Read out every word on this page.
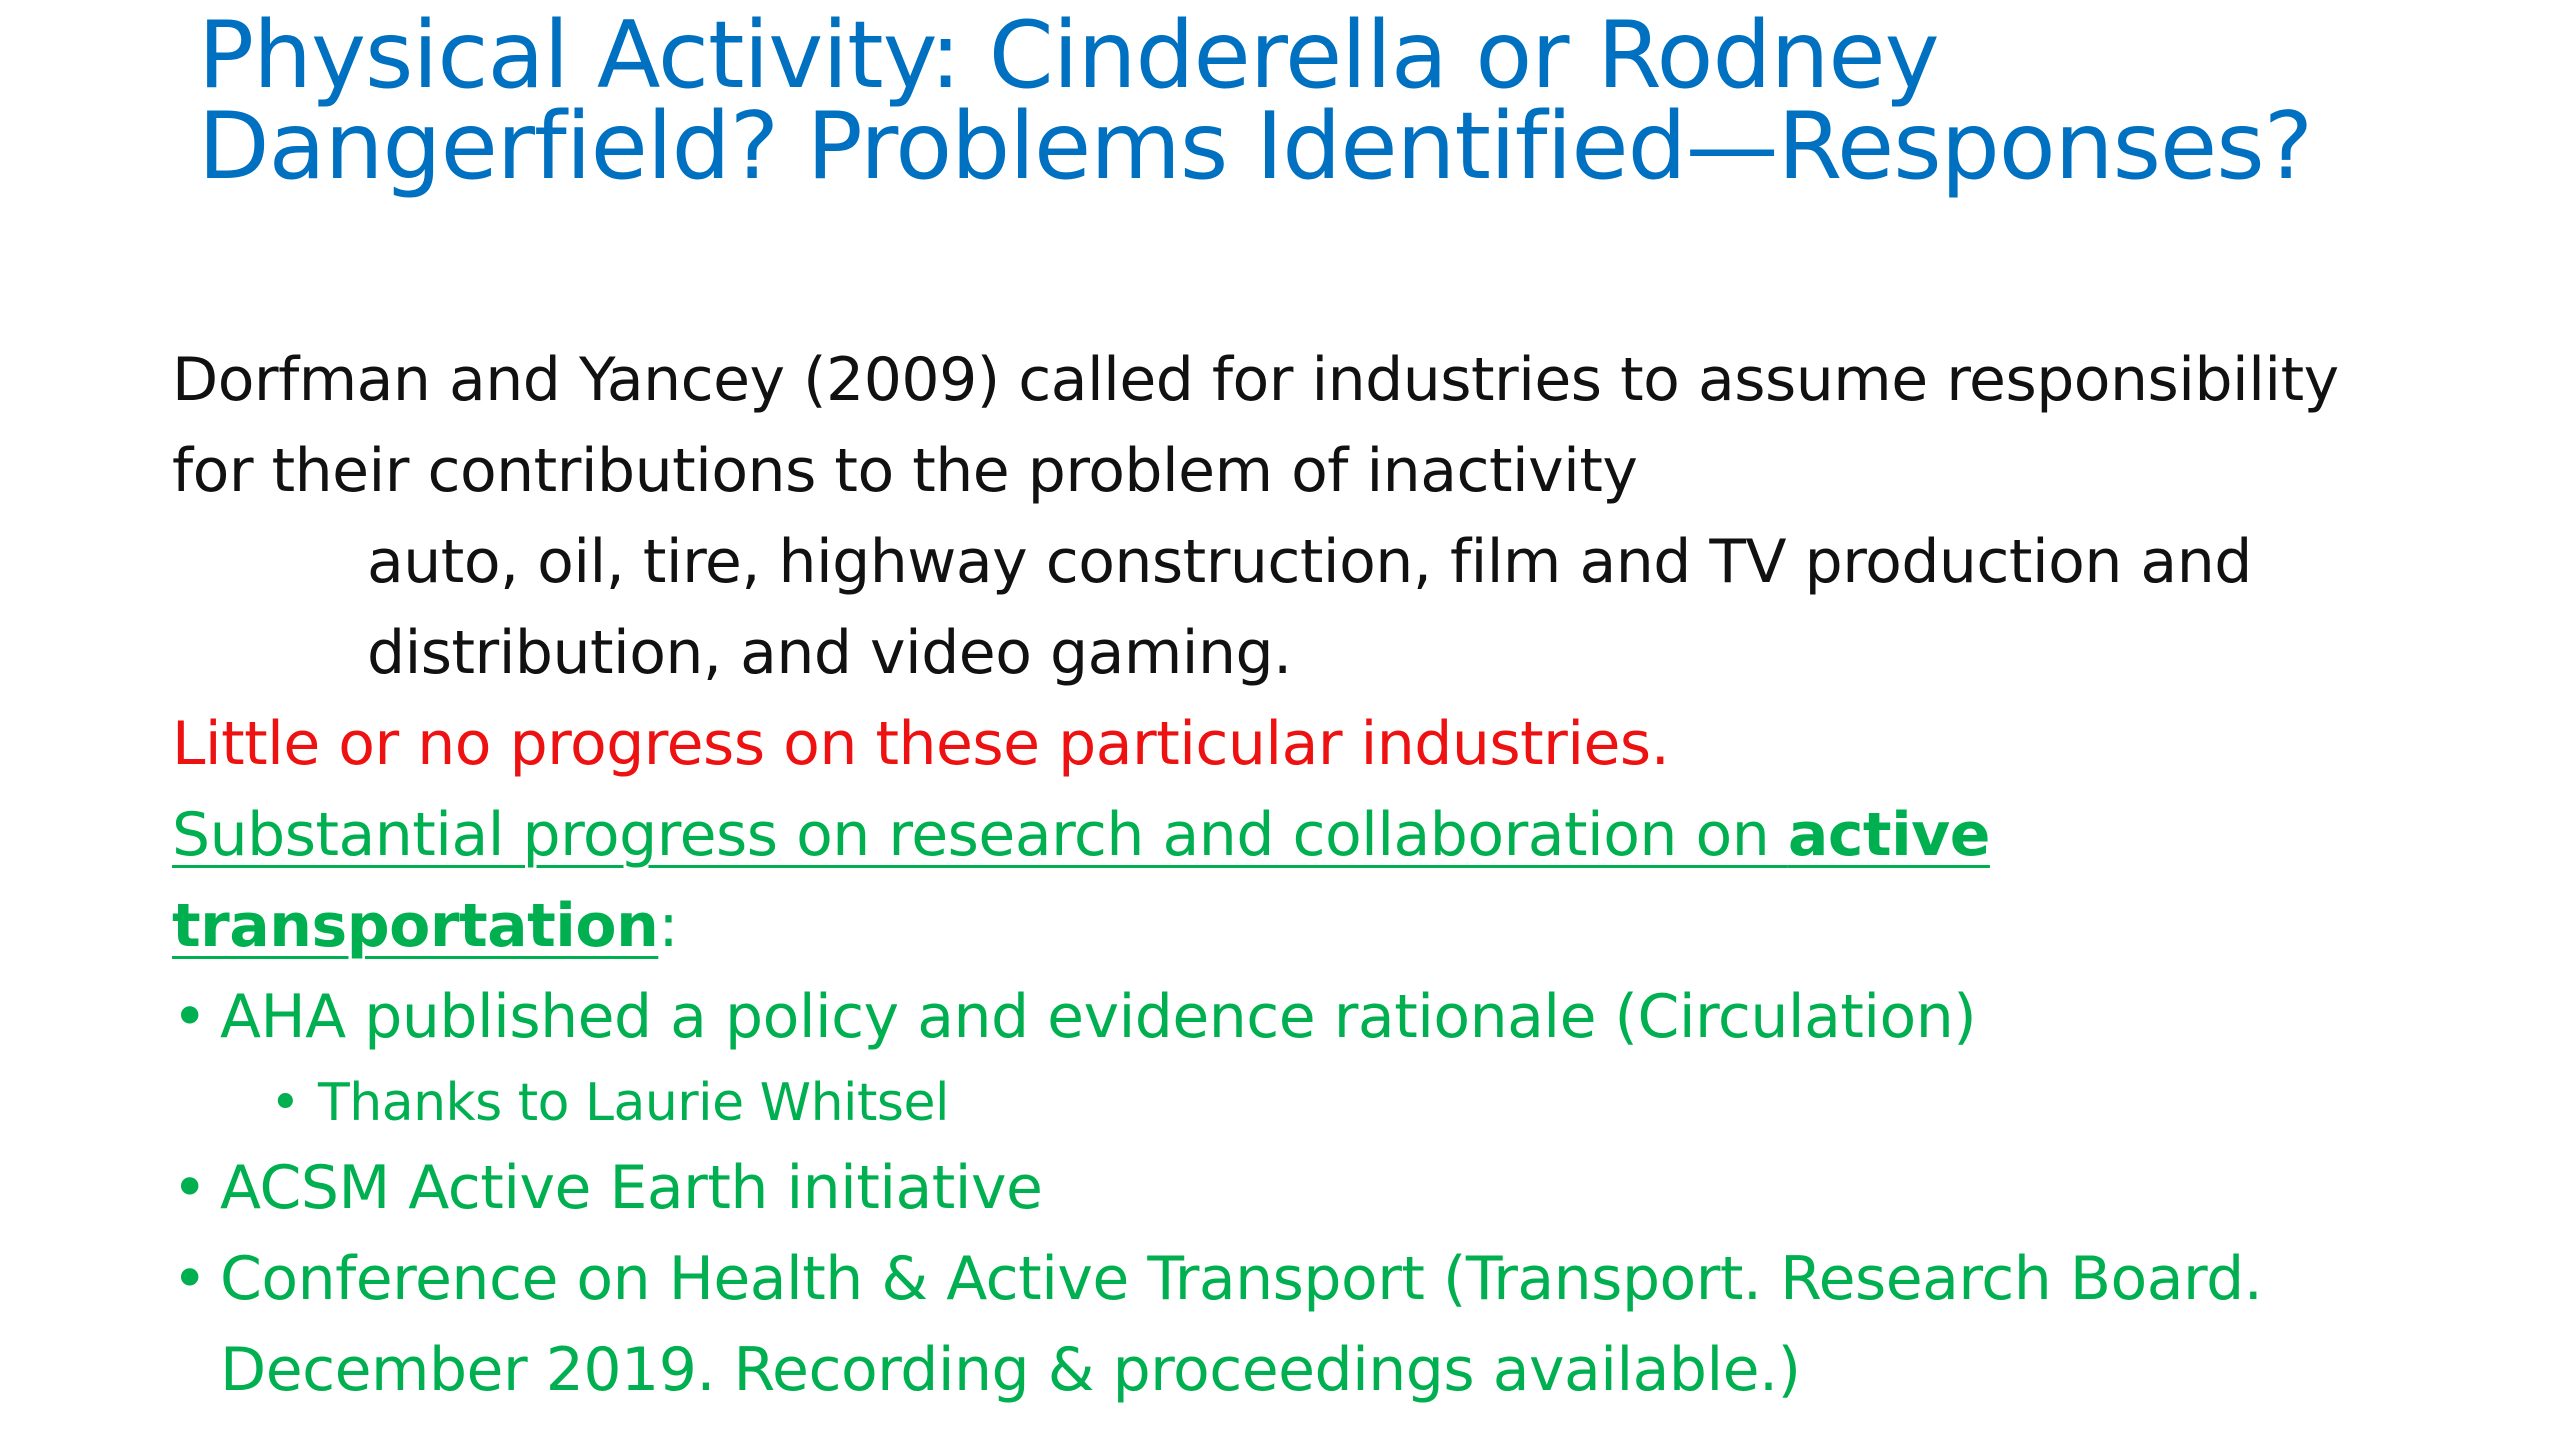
Physical Activity: Cinderella or Rodney
Dangerfield? Problems Identified—Responses?
Dorfman and Yancey (2009) called for industries to assume responsibility
for their contributions to the problem of inactivity
auto, oil, tire, highway construction, film and TV production and
distribution, and video gaming.
Little or no progress on these particular industries.
Substantial progress on research and collaboration on active
transportation:
• AHA published a policy and evidence rationale (Circulation)
• Thanks to Laurie Whitsel
• ACSM Active Earth initiative
• Conference on Health & Active Transport (Transport. Research Board.
December 2019. Recording & proceedings available.)
